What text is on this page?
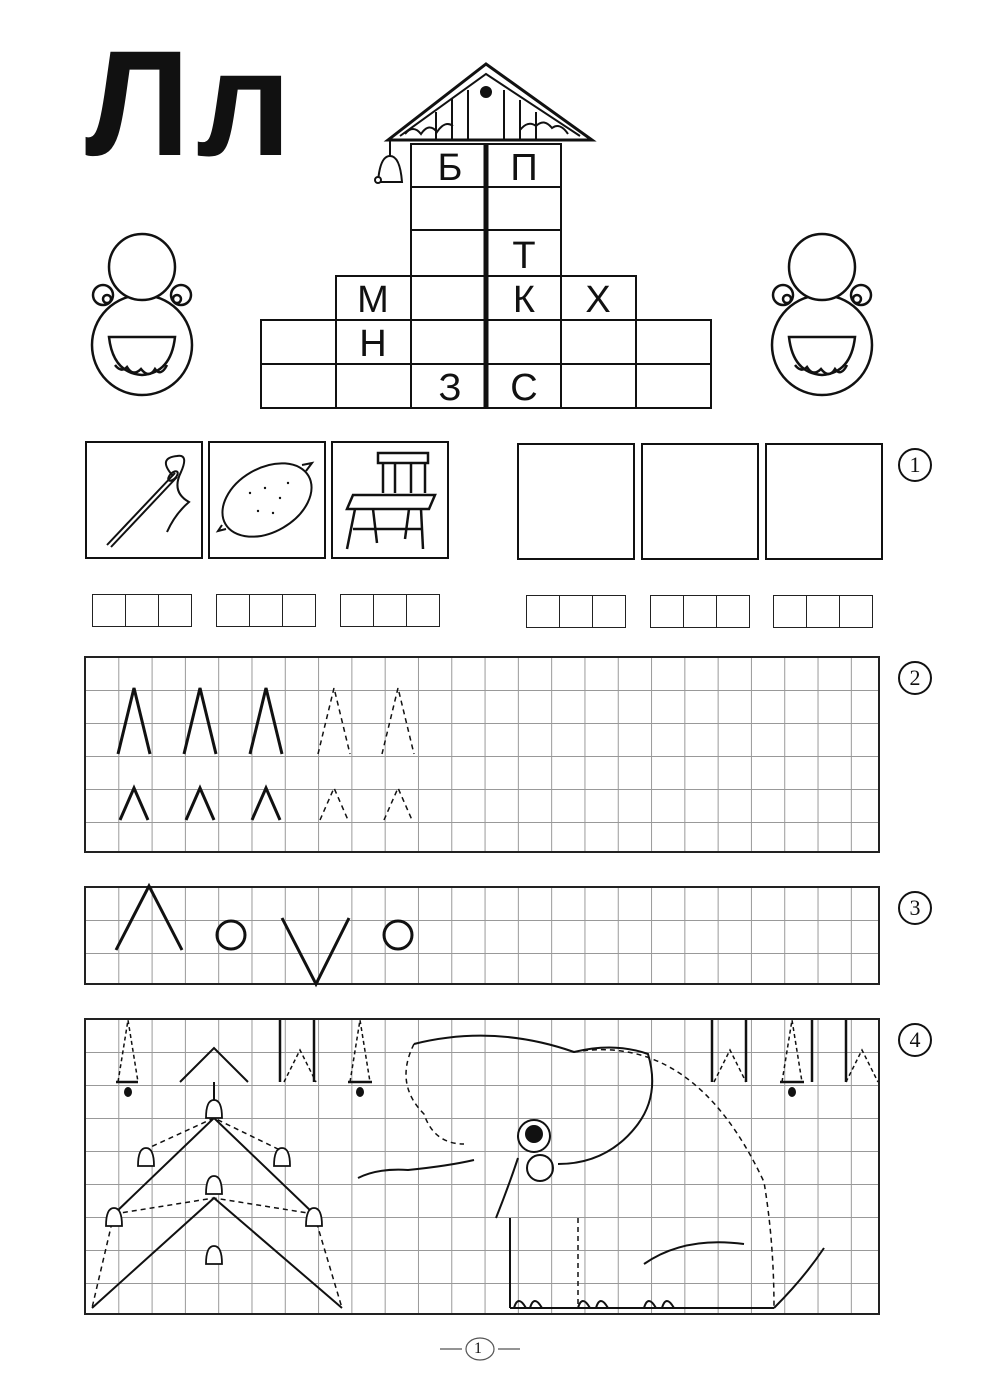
Лл	Б П
Т
М	К Х
Н
З С
1
2
3
4
1
